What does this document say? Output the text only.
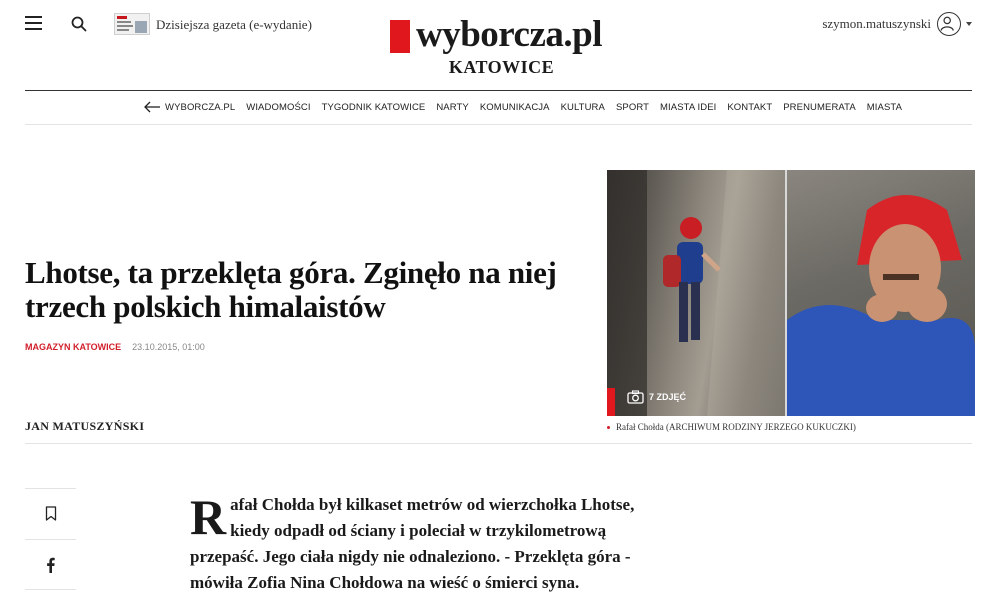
Dzisiejsza gazeta (e-wydanie)	wyborcza.pl
KATOWICE
szymon.matuszynski
WYBORCZA.PL WIADOMOŚCI TYGODNIK KATOWICE NARTY KOMUNIKACJA KULTURA SPORT MIASTA IDEI KONTAKT PRENUMERATA MIASTA
Lhotse, ta przeklęta góra. Zginęło na niej trzech polskich himalaistów
MAGAZYN KATOWICE 23.10.2015, 01:00
JAN MATUSZYŃSKI
7 ZDJĘĆ
Rafał Chołda (ARCHIWUM RODZINY JERZEGO KUKUCZKI)

Rafał Chołda był kilkaset metrów od wierzchołka Lhotse, kiedy odpadł od ściany i poleciał w trzykilometrową przepaść. Jego ciała nigdy nie odnaleziono. - Przeklęta góra - mówiła Zofia Nina Chołdowa na wieść o śmierci syna.
